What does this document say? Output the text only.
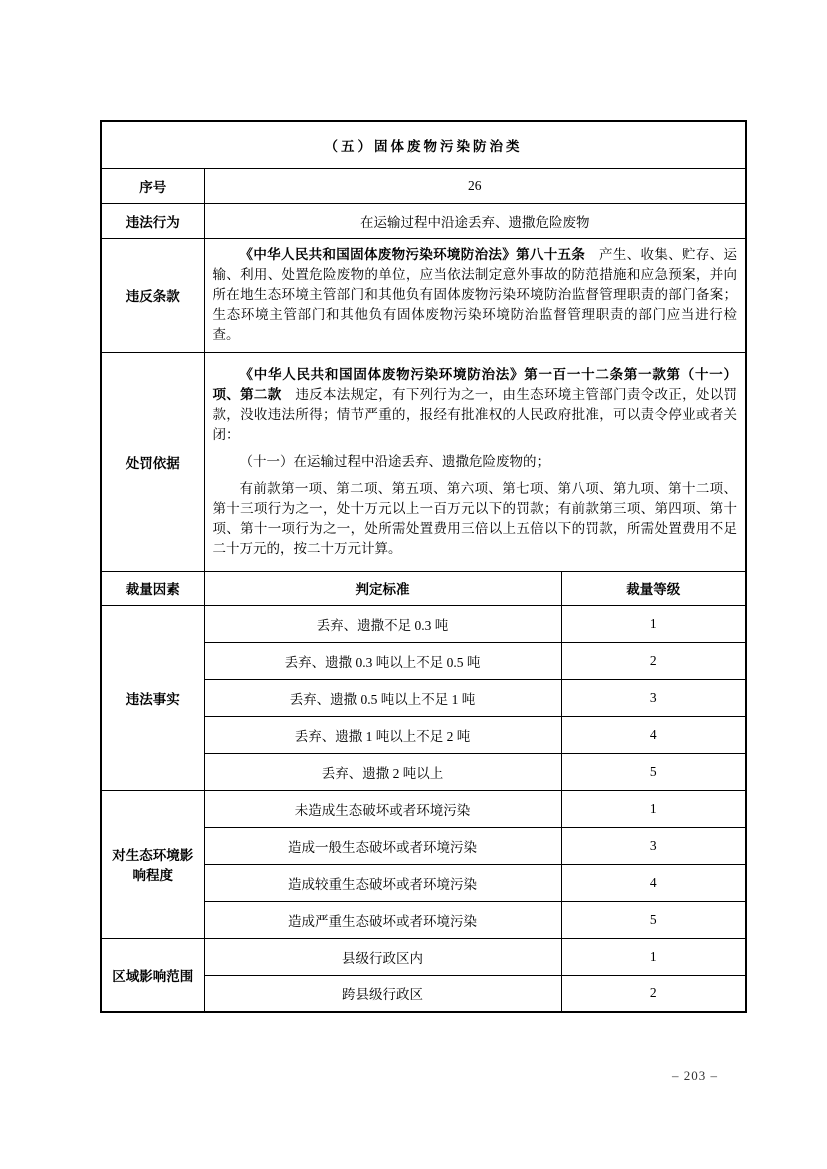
（五）固体废物污染防治类		
序号	26	
违法行为	在运输过程中沿途丢弃、遗撒危险废物	
违反条款	《中华人民共和国固体废物污染环境防治法》第八十五条　产生、收集、贮存、运输、利用、处置危险废物的单位，应当依法制定意外事故的防范措施和应急预案，并向所在地生态环境主管部门和其他负有固体废物污染环境防治监督管理职责的部门备案；生态环境主管部门和其他负有固体废物污染环境防治监督管理职责的部门应当进行检查。	

处罚依据	《中华人民共和国固体废物污染环境防治法》第一百一十二条第一款第（十一）项、第二款　违反本法规定，有下列行为之一，由生态环境主管部门责令改正，处以罚款，没收违法所得；情节严重的，报经有批准权的人民政府批准，可以责令停业或者关闭：

（十一）在运输过程中沿途丢弃、遗撒危险废物的；

有前款第一项、第二项、第五项、第六项、第七项、第八项、第九项、第十二项、第十三项行为之一，处十万元以上一百万元以下的罚款；有前款第三项、第四项、第十项、第十一项行为之一，处所需处置费用三倍以上五倍以下的罚款，所需处置费用不足二十万元的，按二十万元计算。	

裁量因素	判定标准	裁量等级
违法事实	丢弃、遗撒不足 0.3 吨	1
	丢弃、遗撒 0.3 吨以上不足 0.5 吨	2
	丢弃、遗撒 0.5 吨以上不足 1 吨	3
	丢弃、遗撒 1 吨以上不足 2 吨	4
	丢弃、遗撒 2 吨以上	5
对生态环境影响程度	未造成生态破坏或者环境污染	1
	造成一般生态破坏或者环境污染	3
	造成较重生态破坏或者环境污染	4
	造成严重生态破坏或者环境污染	5
区域影响范围	县级行政区内	1
	跨县级行政区	2
– 203 –
